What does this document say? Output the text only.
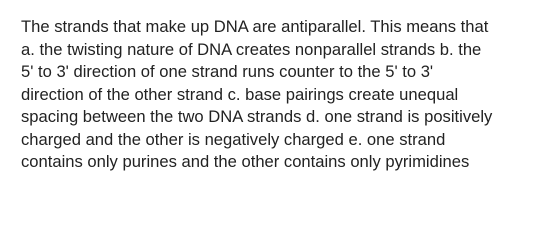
The strands that make up DNA are antiparallel. This means that
a. the twisting nature of DNA creates nonparallel strands b. the
5' to 3' direction of one strand runs counter to the 5' to 3'
direction of the other strand c. base pairings create unequal
spacing between the two DNA strands d. one strand is positively
charged and the other is negatively charged e. one strand
contains only purines and the other contains only pyrimidines
